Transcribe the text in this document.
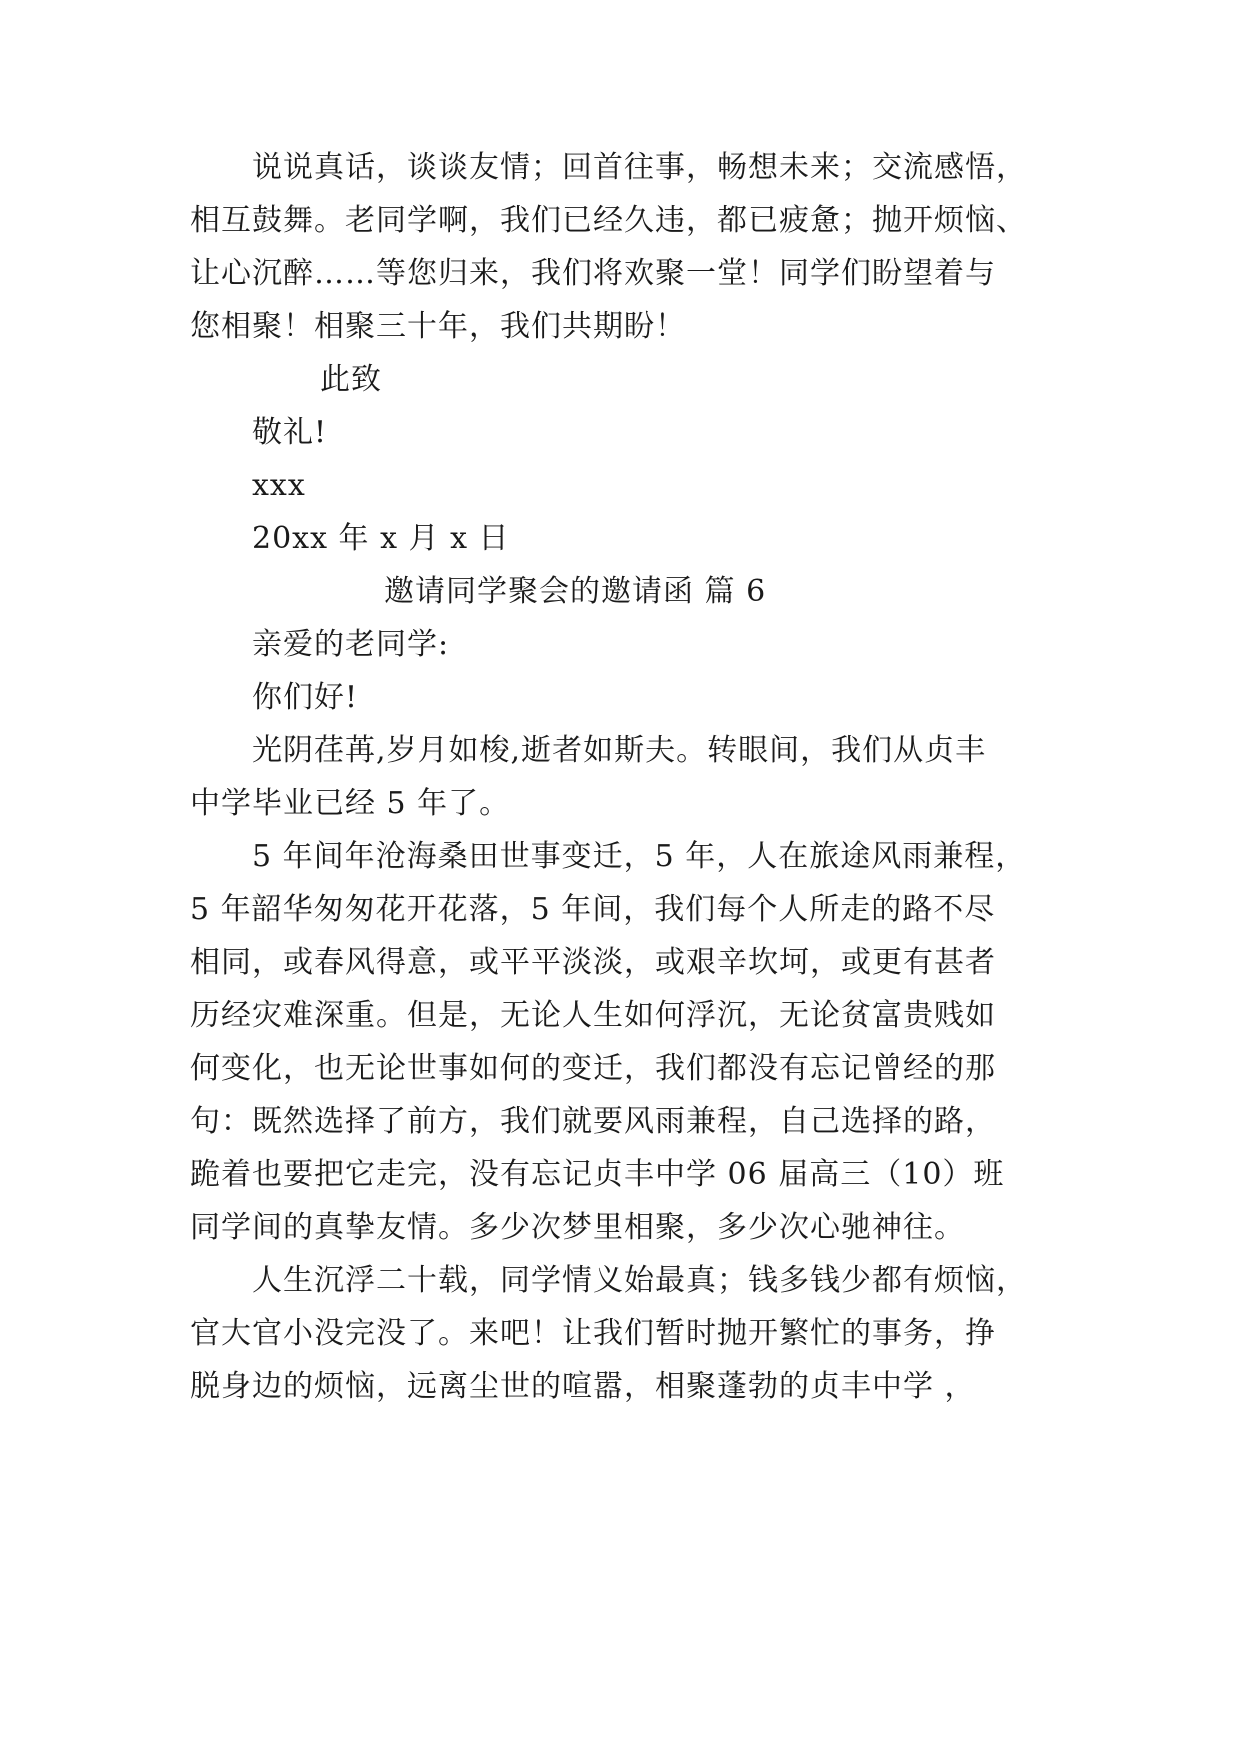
说说真话，谈谈友情；回首往事，畅想未来；交流感悟，
相互鼓舞。老同学啊，我们已经久违，都已疲惫；抛开烦恼、
让心沉醉……等您归来，我们将欢聚一堂！同学们盼望着与
您相聚！相聚三十年，我们共期盼！
此致
敬礼!
xxx
20xx 年 x 月 x 日
邀请同学聚会的邀请函 篇 6
亲爱的老同学:
你们好!
光阴荏苒,岁月如梭,逝者如斯夫。转眼间，我们从贞丰
中学毕业已经 5 年了。
5 年间年沧海桑田世事变迁，5 年，人在旅途风雨兼程，
5 年韶华匆匆花开花落，5 年间，我们每个人所走的路不尽
相同，或春风得意，或平平淡淡，或艰辛坎坷，或更有甚者
历经灾难深重。但是，无论人生如何浮沉，无论贫富贵贱如
何变化，也无论世事如何的变迁，我们都没有忘记曾经的那
句：既然选择了前方，我们就要风雨兼程，自己选择的路，
跪着也要把它走完，没有忘记贞丰中学 06 届高三（10）班
同学间的真挚友情。多少次梦里相聚，多少次心驰神往。
人生沉浮二十载，同学情义始最真；钱多钱少都有烦恼，
官大官小没完没了。来吧！让我们暂时抛开繁忙的事务，挣
脱身边的烦恼，远离尘世的喧嚣，相聚蓬勃的贞丰中学 ，
